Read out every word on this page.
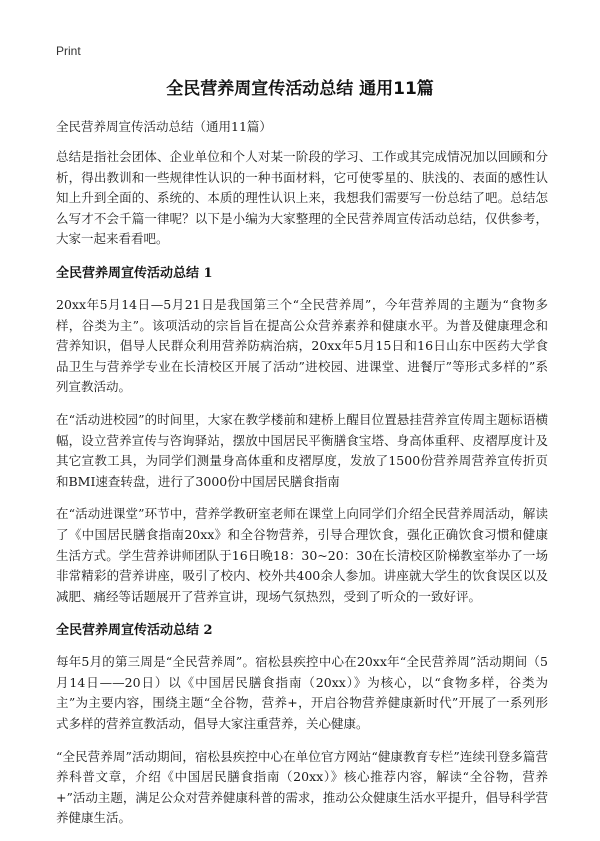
Print
全民营养周宣传活动总结 通用11篇
全民营养周宣传活动总结（通用11篇）

总结是指社会团体、企业单位和个人对某一阶段的学习、工作或其完成情况加以回顾和分析，得出教训和一些规律性认识的一种书面材料，它可使零星的、肤浅的、表面的感性认知上升到全面的、系统的、本质的理性认识上来，我想我们需要写一份总结了吧。总结怎么写才不会千篇一律呢？以下是小编为大家整理的全民营养周宣传活动总结，仅供参考，大家一起来看看吧。

全民营养周宣传活动总结 1

20xx年5月14日—5月21日是我国第三个“全民营养周”，今年营养周的主题为“食物多样，谷类为主”。该项活动的宗旨旨在提高公众营养素养和健康水平。为普及健康理念和营养知识，倡导人民群众利用营养防病治病，20xx年5月15日和16日山东中医药大学食品卫生与营养学专业在长清校区开展了活动”进校园、进课堂、进餐厅”等形式多样的”系列宣教活动。

在“活动进校园”的时间里，大家在教学楼前和建桥上醒目位置悬挂营养宣传周主题标语横幅，设立营养宣传与咨询驿站，摆放中国居民平衡膳食宝塔、身高体重秤、皮褶厚度计及其它宣教工具，为同学们测量身高体重和皮褶厚度，发放了1500份营养周营养宣传折页和BMI速查转盘，进行了3000份中国居民膳食指南

在“活动进课堂”环节中，营养学教研室老师在课堂上向同学们介绍全民营养周活动，解读了《中国居民膳食指南20xx》和全谷物营养，引导合理饮食，强化正确饮食习惯和健康生活方式。学生营养讲师团队于16日晚18：30~20：30在长清校区阶梯教室举办了一场非常精彩的营养讲座，吸引了校内、校外共400余人参加。讲座就大学生的饮食误区以及减肥、痛经等话题展开了营养宣讲，现场气氛热烈，受到了听众的一致好评。

全民营养周宣传活动总结 2

每年5月的第三周是“全民营养周”。宿松县疾控中心在20xx年“全民营养周”活动期间（5月14日——20日）以《中国居民膳食指南（20xx）》为核心，以“食物多样，谷类为主”为主要内容，围绕主题“全谷物，营养+，开启谷物营养健康新时代”开展了一系列形式多样的营养宣教活动，倡导大家注重营养，关心健康。

“全民营养周”活动期间，宿松县疾控中心在单位官方网站“健康教育专栏”连续刊登多篇营养科普文章，介绍《中国居民膳食指南（20xx）》核心推荐内容，解读“全谷物，营养+”活动主题，满足公众对营养健康科普的需求，推动公众健康生活水平提升，倡导科学营养健康生活。
